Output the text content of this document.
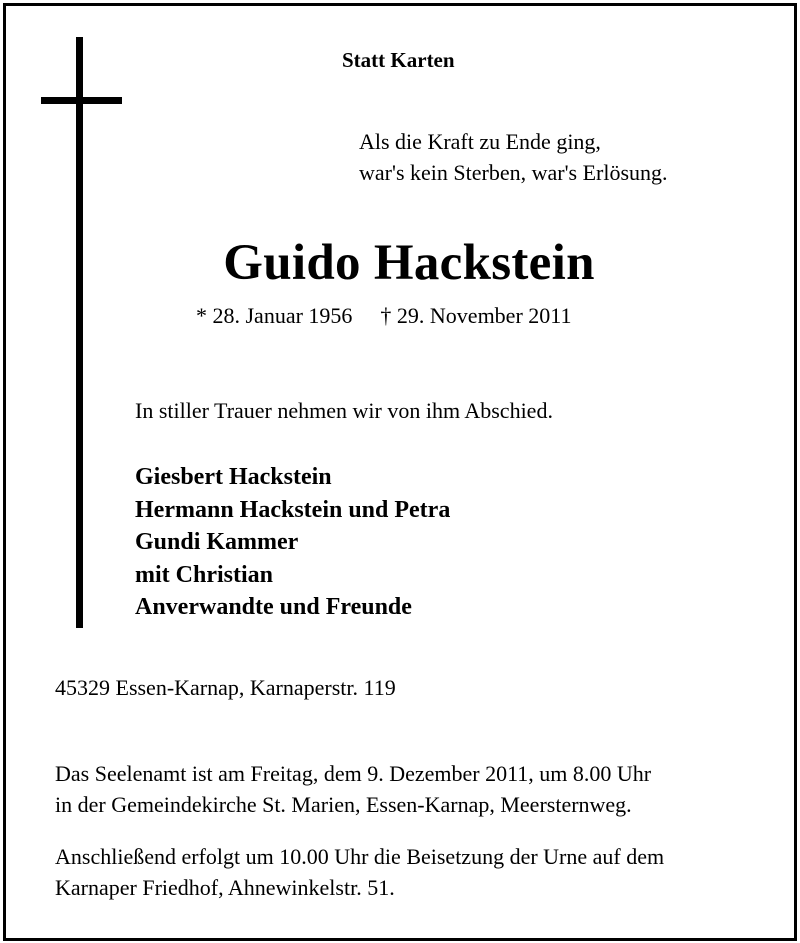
Statt Karten
Als die Kraft zu Ende ging,
war's kein Sterben, war's Erlösung.
Guido Hackstein
* 28. Januar 1956 † 29. November 2011
In stiller Trauer nehmen wir von ihm Abschied.
Giesbert Hackstein
Hermann Hackstein und Petra
Gundi Kammer
mit Christian
Anverwandte und Freunde
45329 Essen-Karnap, Karnaperstr. 119
Das Seelenamt ist am Freitag, dem 9. Dezember 2011, um 8.00 Uhr
in der Gemeindekirche St. Marien, Essen-Karnap, Meersternweg.
Anschließend erfolgt um 10.00 Uhr die Beisetzung der Urne auf dem
Karnaper Friedhof, Ahnewinkelstr. 51.
